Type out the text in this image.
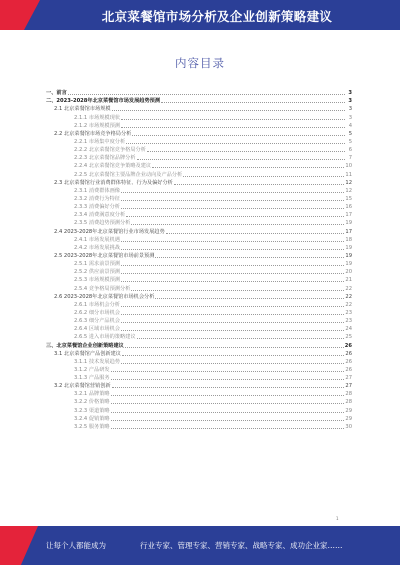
北京菜餐馆市场分析及企业创新策略建议
内容目录
一、前言	3
二、2023-2028年北京菜餐馆市场发展趋势预测	3
2.1 北京菜餐馆市场规模	3
2.1.1 市场规模现状	3
2.1.2 市场规模预测	4
2.2 北京菜餐馆市场竞争格局分析	5
2.2.1 市场集中度分析	5
2.2.2 北京菜餐馆竞争格局分析	6
2.2.3 北京菜餐馆品牌分析	7
2.2.4 北京菜餐馆竞争策略及建议	10
2.2.5 北京菜餐馆主要品牌企业动向及产品分析	11
2.3 北京菜餐馆行业消费群体特征、行为及偏好分析	12
2.3.1 消费群体画像	12
2.3.2 消费行为特征	15
2.3.3 消费偏好分析	16
2.3.4 消费满意度分析	17
2.3.5 消费趋势预测分析	19
2.4 2023-2028年北京菜餐馆行业市场发展趋势	17
2.4.1 市场发展机遇	18
2.4.2 市场发展挑战	19
2.5 2023-2028年北京菜餐馆市场前景预测	19
2.5.1 需求前景预测	19
2.5.2 供应前景预测	20
2.5.3 市场规模预测	21
2.5.4 竞争格局预测分析	22
2.6 2023-2028年北京菜餐馆市场机会分析	22
2.6.1 市场机会分析	22
2.6.2 细分市场机会	23
2.6.3 细分产品机会	23
2.6.4 区域市场机会	24
2.6.5 进入市场的策略建议	25
三、北京菜餐馆企业创新策略建议	26
3.1 北京菜餐馆产品创新建议	26
3.1.1 技术发展趋势	26
3.1.2 产品研发	26
3.1.3 产品服务	27
3.2 北京菜餐馆营销创新	27
3.2.1 品牌策略	28
3.2.2 价格策略	28
3.2.3 渠道策略	29
3.2.4 促销策略	29
3.2.5 服务策略	30
1
让每个人都能成为	行业专家、管理专家、营销专家、战略专家、成功企业家……
